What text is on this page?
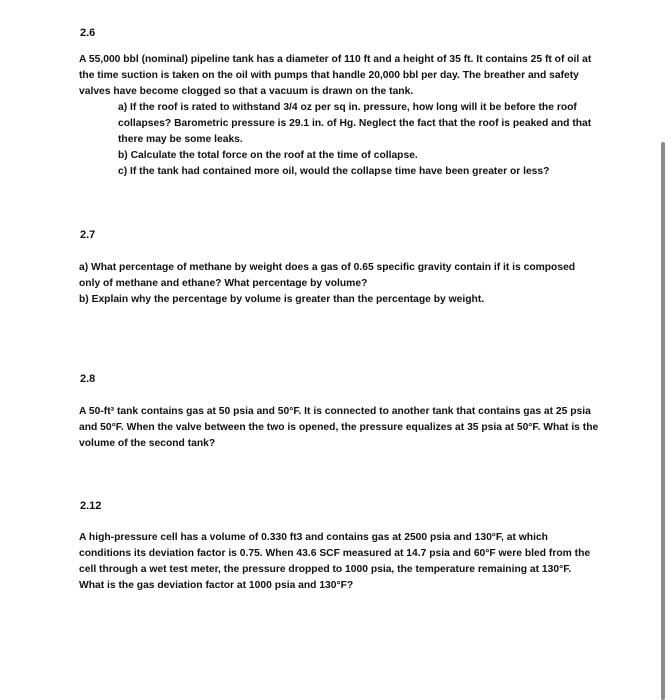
2.6

A 55,000 bbl (nominal) pipeline tank has a diameter of 110 ft and a height of 35 ft. It contains 25 ft of oil at the time suction is taken on the oil with pumps that handle 20,000 bbl per day. The breather and safety valves have become clogged so that a vacuum is drawn on the tank.

a) If the roof is rated to withstand 3/4 oz per sq in. pressure, how long will it be before the roof collapses? Barometric pressure is 29.1 in. of Hg. Neglect the fact that the roof is peaked and that there may be some leaks.
b) Calculate the total force on the roof at the time of collapse.
c) If the tank had contained more oil, would the collapse time have been greater or less?

2.7

a) What percentage of methane by weight does a gas of 0.65 specific gravity contain if it is composed only of methane and ethane? What percentage by volume?
b) Explain why the percentage by volume is greater than the percentage by weight.

2.8

A 50-ft³ tank contains gas at 50 psia and 50°F. It is connected to another tank that contains gas at 25 psia and 50°F. When the valve between the two is opened, the pressure equalizes at 35 psia at 50°F. What is the volume of the second tank?

2.12

A high-pressure cell has a volume of 0.330 ft3 and contains gas at 2500 psia and 130°F, at which conditions its deviation factor is 0.75. When 43.6 SCF measured at 14.7 psia and 60°F were bled from the cell through a wet test meter, the pressure dropped to 1000 psia, the temperature remaining at 130°F. What is the gas deviation factor at 1000 psia and 130°F?
